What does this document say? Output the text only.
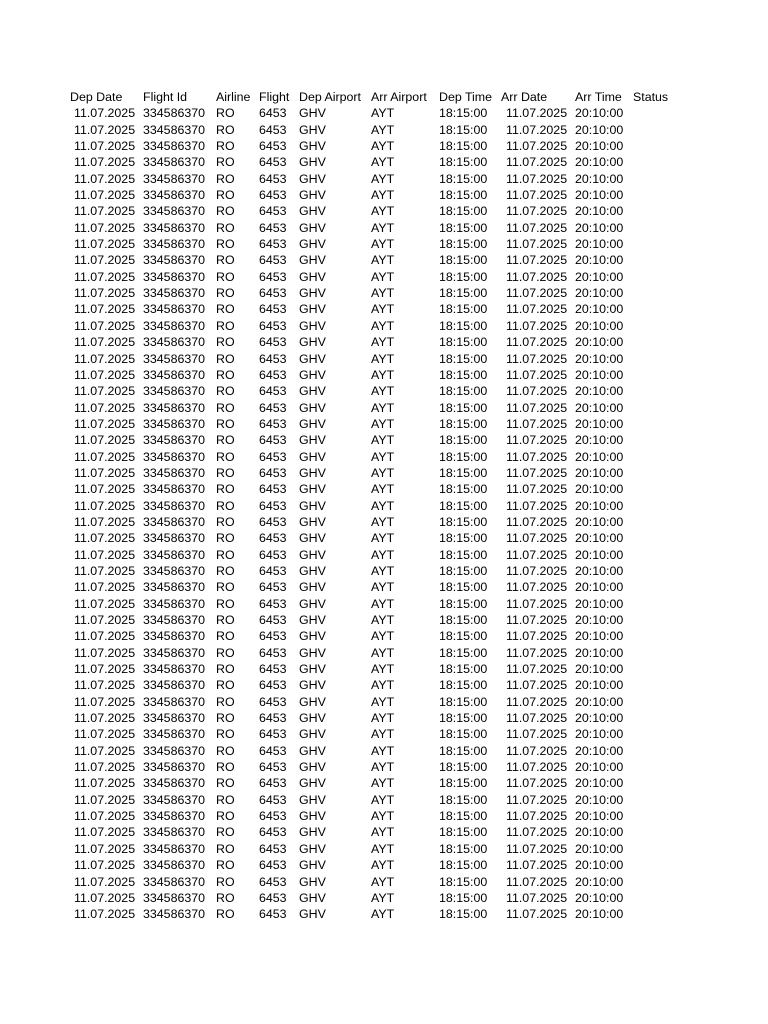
Dep Date Flight Id Airline Flight Dep Airport Arr Airport Dep Time Arr Date Arr Time Status
11.07.2025 334586370 RO 6453 GHV	AYT	18:15:00 11.07.2025 20:10:00
11.07.2025 334586370 RO 6453 GHV	AYT	18:15:00 11.07.2025 20:10:00
11.07.2025 334586370 RO 6453 GHV	AYT	18:15:00 11.07.2025 20:10:00
11.07.2025 334586370 RO 6453 GHV	AYT	18:15:00 11.07.2025 20:10:00
11.07.2025 334586370 RO 6453 GHV	AYT	18:15:00 11.07.2025 20:10:00
11.07.2025 334586370 RO 6453 GHV	AYT	18:15:00 11.07.2025 20:10:00
11.07.2025 334586370 RO 6453 GHV	AYT	18:15:00 11.07.2025 20:10:00
11.07.2025 334586370 RO 6453 GHV	AYT	18:15:00 11.07.2025 20:10:00
11.07.2025 334586370 RO 6453 GHV	AYT	18:15:00 11.07.2025 20:10:00
11.07.2025 334586370 RO 6453 GHV	AYT	18:15:00 11.07.2025 20:10:00
11.07.2025 334586370 RO 6453 GHV	AYT	18:15:00 11.07.2025 20:10:00
11.07.2025 334586370 RO 6453 GHV	AYT	18:15:00 11.07.2025 20:10:00
11.07.2025 334586370 RO 6453 GHV	AYT	18:15:00 11.07.2025 20:10:00
11.07.2025 334586370 RO 6453 GHV	AYT	18:15:00 11.07.2025 20:10:00
11.07.2025 334586370 RO 6453 GHV	AYT	18:15:00 11.07.2025 20:10:00
11.07.2025 334586370 RO 6453 GHV	AYT	18:15:00 11.07.2025 20:10:00
11.07.2025 334586370 RO 6453 GHV	AYT	18:15:00 11.07.2025 20:10:00
11.07.2025 334586370 RO 6453 GHV	AYT	18:15:00 11.07.2025 20:10:00
11.07.2025 334586370 RO 6453 GHV	AYT	18:15:00 11.07.2025 20:10:00
11.07.2025 334586370 RO 6453 GHV	AYT	18:15:00 11.07.2025 20:10:00
11.07.2025 334586370 RO 6453 GHV	AYT	18:15:00 11.07.2025 20:10:00
11.07.2025 334586370 RO 6453 GHV	AYT	18:15:00 11.07.2025 20:10:00
11.07.2025 334586370 RO 6453 GHV	AYT	18:15:00 11.07.2025 20:10:00
11.07.2025 334586370 RO 6453 GHV	AYT	18:15:00 11.07.2025 20:10:00
11.07.2025 334586370 RO 6453 GHV	AYT	18:15:00 11.07.2025 20:10:00
11.07.2025 334586370 RO 6453 GHV	AYT	18:15:00 11.07.2025 20:10:00
11.07.2025 334586370 RO 6453 GHV	AYT	18:15:00 11.07.2025 20:10:00
11.07.2025 334586370 RO 6453 GHV	AYT	18:15:00 11.07.2025 20:10:00
11.07.2025 334586370 RO 6453 GHV	AYT	18:15:00 11.07.2025 20:10:00
11.07.2025 334586370 RO 6453 GHV	AYT	18:15:00 11.07.2025 20:10:00
11.07.2025 334586370 RO 6453 GHV	AYT	18:15:00 11.07.2025 20:10:00
11.07.2025 334586370 RO 6453 GHV	AYT	18:15:00 11.07.2025 20:10:00
11.07.2025 334586370 RO 6453 GHV	AYT	18:15:00 11.07.2025 20:10:00
11.07.2025 334586370 RO 6453 GHV	AYT	18:15:00 11.07.2025 20:10:00
11.07.2025 334586370 RO 6453 GHV	AYT	18:15:00 11.07.2025 20:10:00
11.07.2025 334586370 RO 6453 GHV	AYT	18:15:00 11.07.2025 20:10:00
11.07.2025 334586370 RO 6453 GHV	AYT	18:15:00 11.07.2025 20:10:00
11.07.2025 334586370 RO 6453 GHV	AYT	18:15:00 11.07.2025 20:10:00
11.07.2025 334586370 RO 6453 GHV	AYT	18:15:00 11.07.2025 20:10:00
11.07.2025 334586370 RO 6453 GHV	AYT	18:15:00 11.07.2025 20:10:00
11.07.2025 334586370 RO 6453 GHV	AYT	18:15:00 11.07.2025 20:10:00
11.07.2025 334586370 RO 6453 GHV	AYT	18:15:00 11.07.2025 20:10:00
11.07.2025 334586370 RO 6453 GHV	AYT	18:15:00 11.07.2025 20:10:00
11.07.2025 334586370 RO 6453 GHV	AYT	18:15:00 11.07.2025 20:10:00
11.07.2025 334586370 RO 6453 GHV	AYT	18:15:00 11.07.2025 20:10:00
11.07.2025 334586370 RO 6453 GHV	AYT	18:15:00 11.07.2025 20:10:00
11.07.2025 334586370 RO 6453 GHV	AYT	18:15:00 11.07.2025 20:10:00
11.07.2025 334586370 RO 6453 GHV	AYT	18:15:00 11.07.2025 20:10:00
11.07.2025 334586370 RO 6453 GHV	AYT	18:15:00 11.07.2025 20:10:00
11.07.2025 334586370 RO 6453 GHV	AYT	18:15:00 11.07.2025 20:10:00
